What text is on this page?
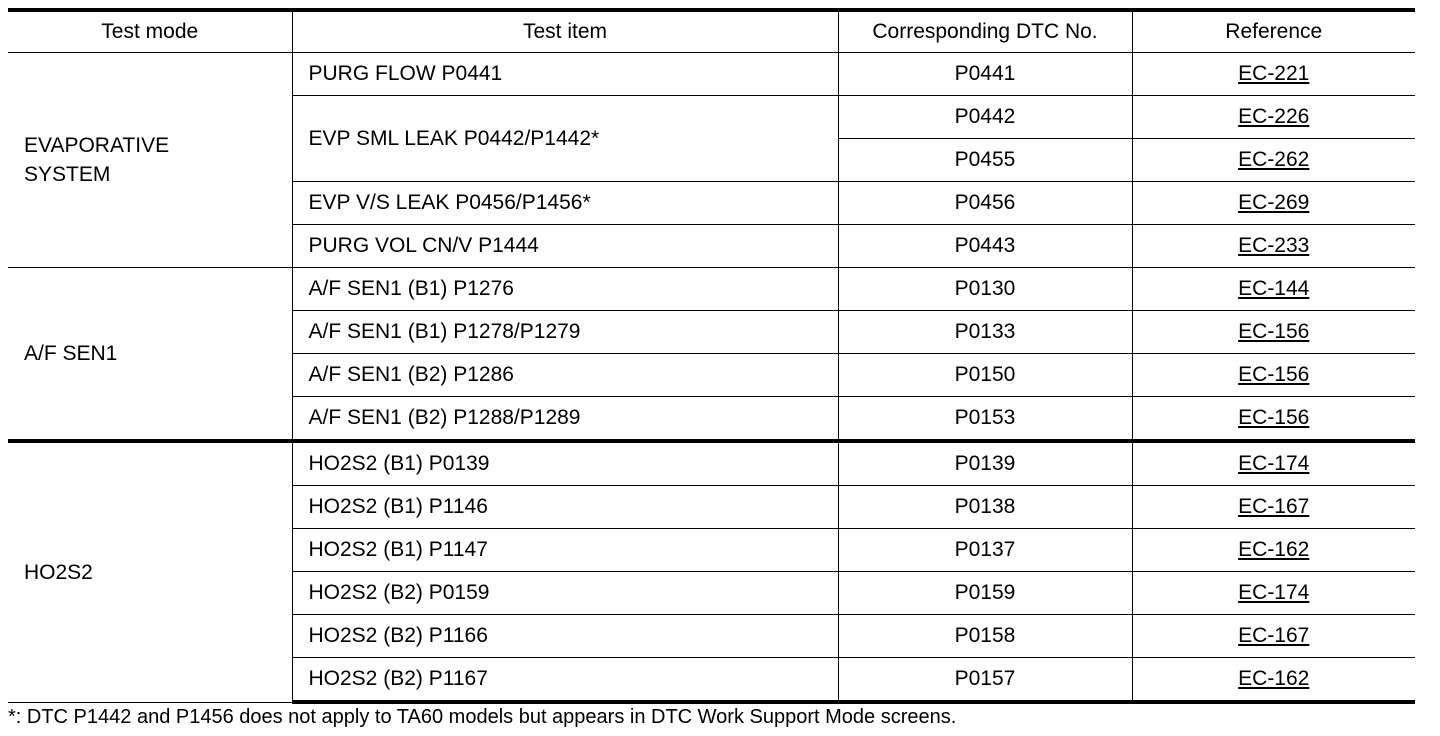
Test mode	Test item	Corresponding DTC No.	Reference
EVAPORATIVE
SYSTEM	PURG FLOW P0441	P0441	EC-221
	EVP SML LEAK P0442/P1442*	P0442	EC-226
		P0455	EC-262
	EVP V/S LEAK P0456/P1456*	P0456	EC-269
	PURG VOL CN/V P1444	P0443	EC-233
A/F SEN1	A/F SEN1 (B1) P1276	P0130	EC-144
	A/F SEN1 (B1) P1278/P1279	P0133	EC-156
	A/F SEN1 (B2) P1286	P0150	EC-156
	A/F SEN1 (B2) P1288/P1289	P0153	EC-156
HO2S2	HO2S2 (B1) P0139	P0139	EC-174
	HO2S2 (B1) P1146	P0138	EC-167
	HO2S2 (B1) P1147	P0137	EC-162
	HO2S2 (B2) P0159	P0159	EC-174
	HO2S2 (B2) P1166	P0158	EC-167
	HO2S2 (B2) P1167	P0157	EC-162
*: DTC P1442 and P1456 does not apply to TA60 models but appears in DTC Work Support Mode screens.
